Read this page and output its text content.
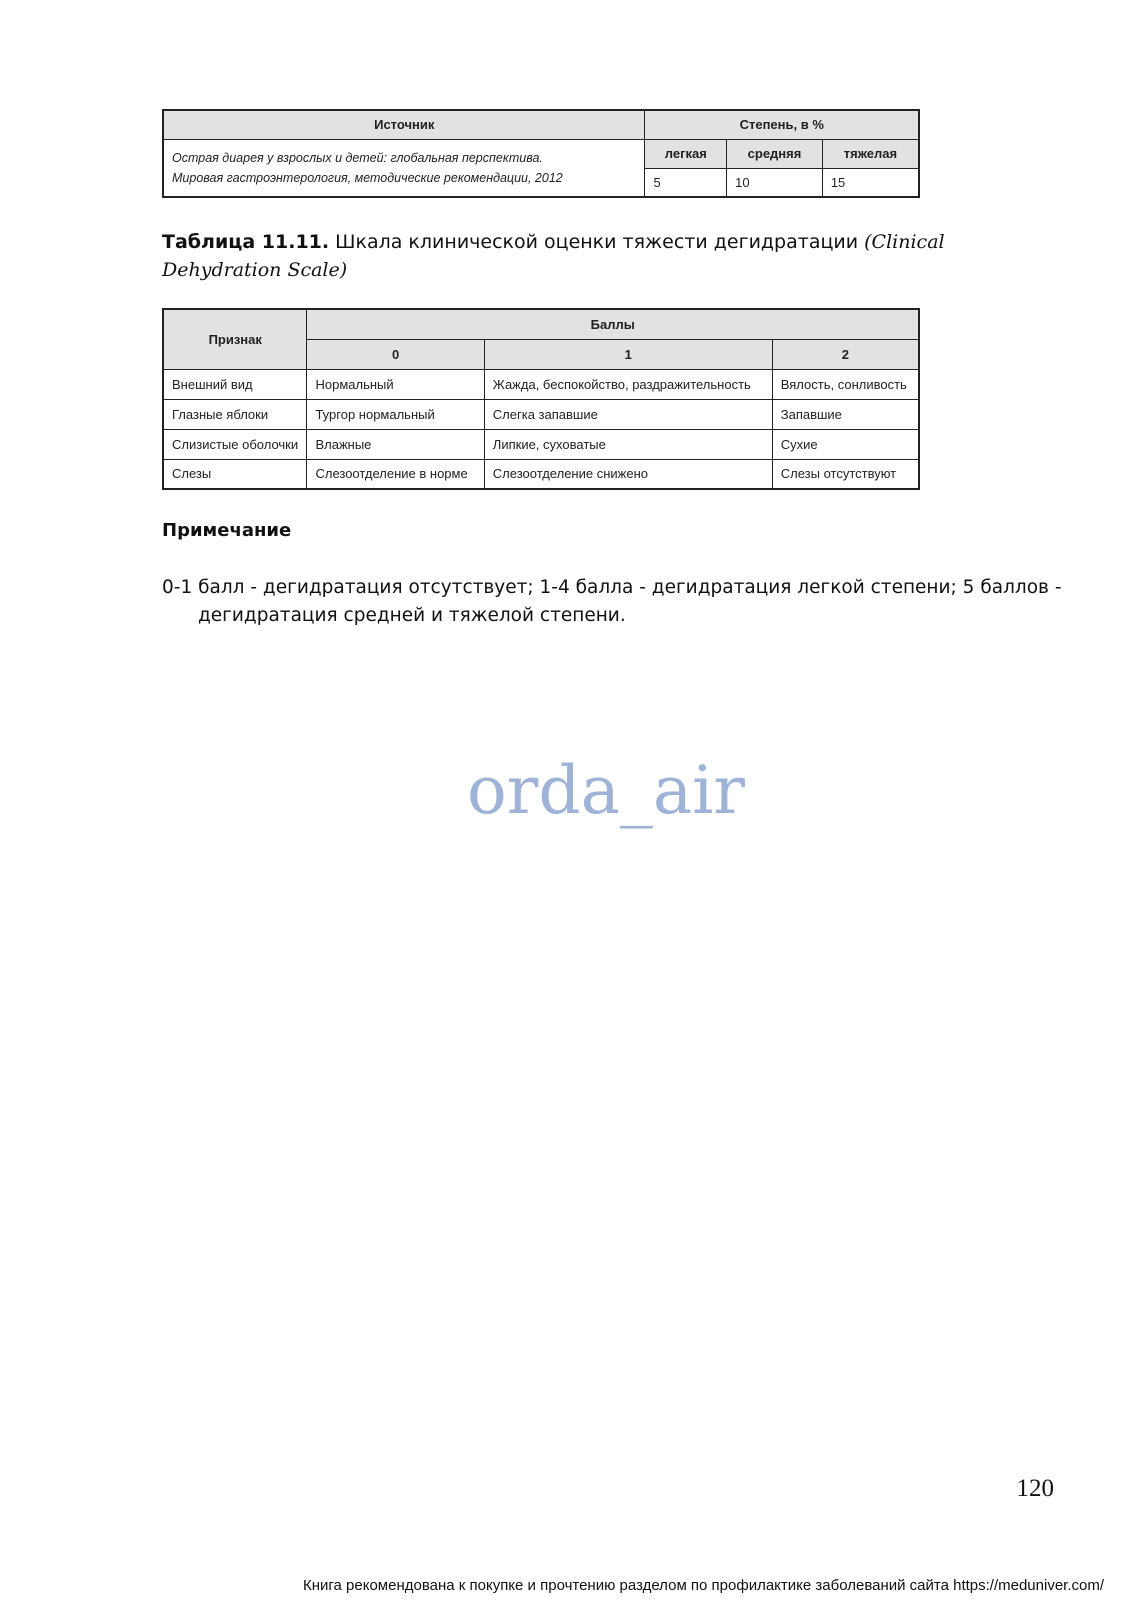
Источник	Степень, в %		
Острая диарея у взрослых и детей: глобальная перспектива.
Мировая гастроэнтерология, методические рекомендации, 2012	легкая	средняя	тяжелая
	5	10	15
Таблица 11.11. Шкала клинической оценки тяжести дегидратации (Clinical Dehydration Scale)
Признак	Баллы		
	0	1	2
Внешний вид	Нормальный	Жажда, беспокойство, раздражительность	Вялость, сонливость
Глазные яблоки	Тургор нормальный	Слегка запавшие	Запавшие
Слизистые оболочки	Влажные	Липкие, суховатые	Сухие
Слезы	Слезоотделение в норме	Слезоотделение снижено	Слезы отсутствуют
Примечание
0-1 балл - дегидратация отсутствует; 1-4 балла - дегидратация легкой степени; 5 баллов - дегидратация средней и тяжелой степени.
orda_air
120
Книга рекомендована к покупке и прочтению разделом по профилактике заболеваний сайта https://meduniver.com/
